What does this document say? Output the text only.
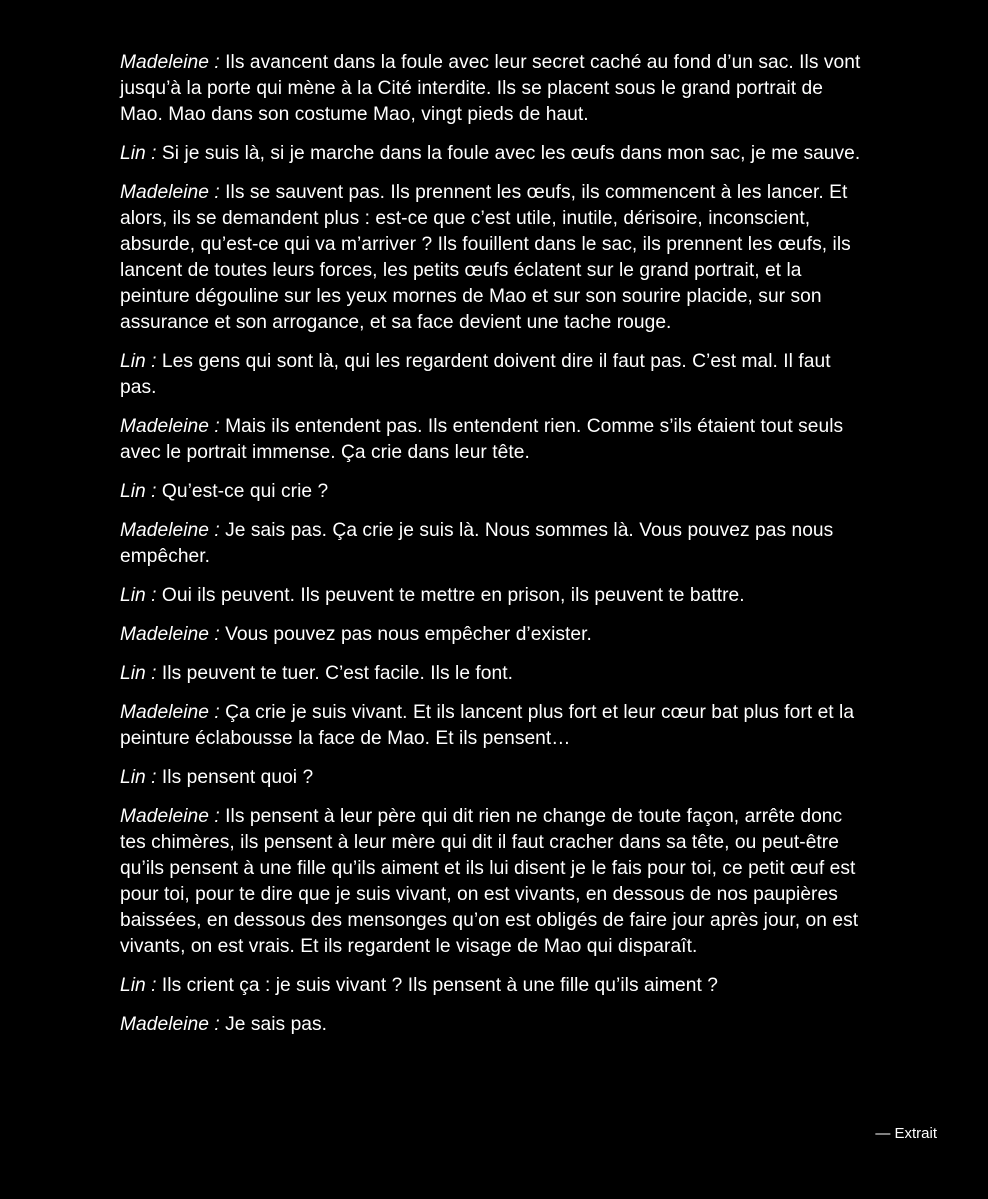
Madeleine : Ils avancent dans la foule avec leur secret caché au fond d’un sac. Ils vont jusqu’à la porte qui mène à la Cité interdite. Ils se placent sous le grand portrait de Mao. Mao dans son costume Mao, vingt pieds de haut.

Lin : Si je suis là, si je marche dans la foule avec les œufs dans mon sac, je me sauve.

Madeleine : Ils se sauvent pas. Ils prennent les œufs, ils commencent à les lancer. Et alors, ils se demandent plus : est-ce que c’est utile, inutile, dérisoire, inconscient, absurde, qu’est-ce qui va m’arriver ? Ils fouillent dans le sac, ils prennent les œufs, ils lancent de toutes leurs forces, les petits œufs éclatent sur le grand portrait, et la peinture dégouline sur les yeux mornes de Mao et sur son sourire placide, sur son assurance et son arrogance, et sa face devient une tache rouge.

Lin : Les gens qui sont là, qui les regardent doivent dire il faut pas. C’est mal. Il faut pas.

Madeleine : Mais ils entendent pas. Ils entendent rien. Comme s’ils étaient tout seuls avec le portrait immense. Ça crie dans leur tête.

Lin : Qu’est-ce qui crie ?

Madeleine : Je sais pas. Ça crie je suis là. Nous sommes là. Vous pouvez pas nous empêcher.

Lin : Oui ils peuvent. Ils peuvent te mettre en prison, ils peuvent te battre.

Madeleine : Vous pouvez pas nous empêcher d’exister.

Lin : Ils peuvent te tuer. C’est facile. Ils le font.

Madeleine : Ça crie je suis vivant. Et ils lancent plus fort et leur cœur bat plus fort et la peinture éclabousse la face de Mao. Et ils pensent…

Lin : Ils pensent quoi ?

Madeleine : Ils pensent à leur père qui dit rien ne change de toute façon, arrête donc tes chimères, ils pensent à leur mère qui dit il faut cracher dans sa tête, ou peut-être qu’ils pensent à une fille qu’ils aiment et ils lui disent je le fais pour toi, ce petit œuf est pour toi, pour te dire que je suis vivant, on est vivants, en dessous de nos paupières baissées, en dessous des mensonges qu’on est obligés de faire jour après jour, on est vivants, on est vrais. Et ils regardent le visage de Mao qui disparaît.

Lin : Ils crient ça : je suis vivant ? Ils pensent à une fille qu’ils aiment ?

Madeleine : Je sais pas.

— Extrait
